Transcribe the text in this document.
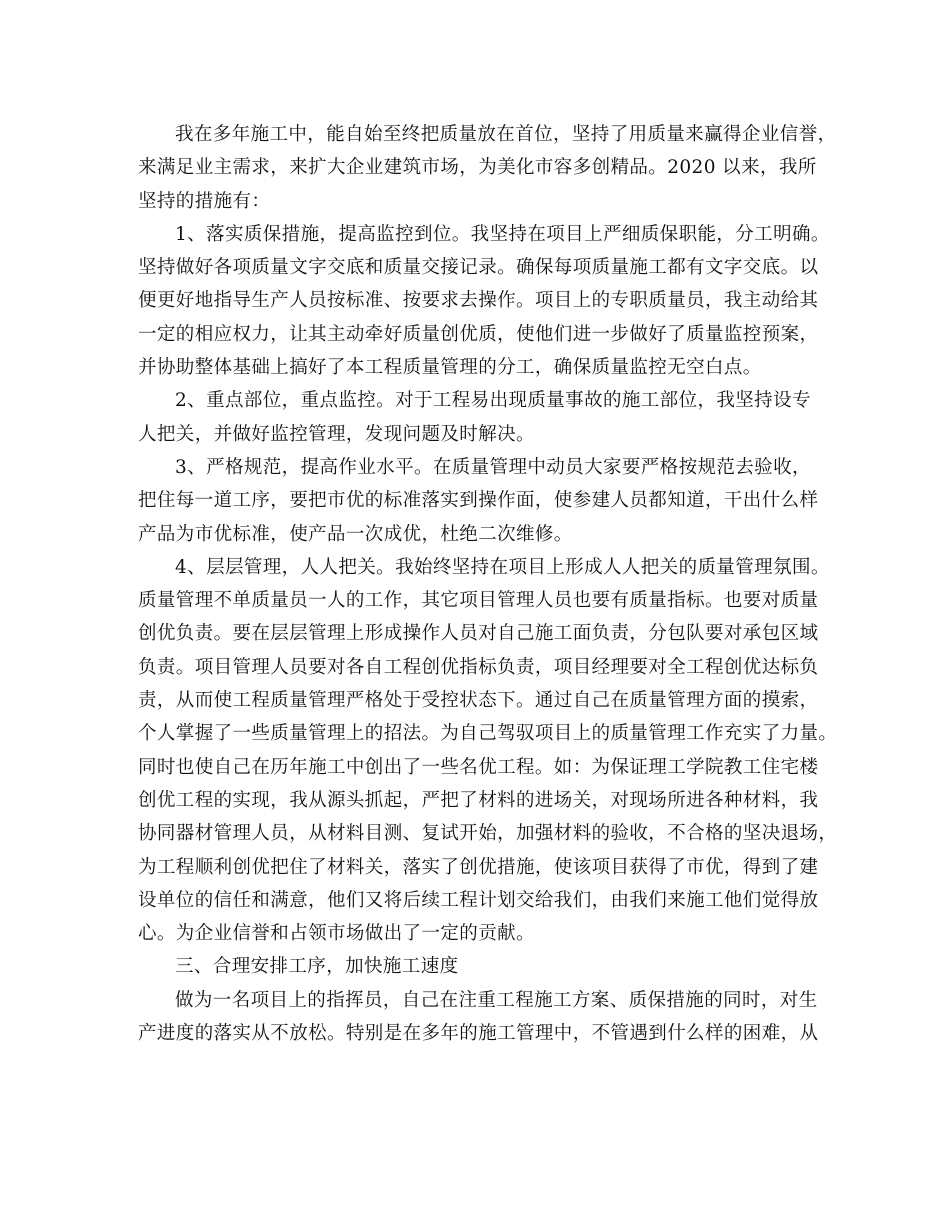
我在多年施工中，能自始至终把质量放在首位，坚持了用质量来赢得企业信誉，
来满足业主需求，来扩大企业建筑市场，为美化市容多创精品。2020 以来，我所
坚持的措施有：
1、落实质保措施，提高监控到位。我坚持在项目上严细质保职能，分工明确。
坚持做好各项质量文字交底和质量交接记录。确保每项质量施工都有文字交底。以
便更好地指导生产人员按标准、按要求去操作。项目上的专职质量员，我主动给其
一定的相应权力，让其主动牵好质量创优质，使他们进一步做好了质量监控预案，
并协助整体基础上搞好了本工程质量管理的分工，确保质量监控无空白点。
2、重点部位，重点监控。对于工程易出现质量事故的施工部位，我坚持设专
人把关，并做好监控管理，发现问题及时解决。
3、严格规范，提高作业水平。在质量管理中动员大家要严格按规范去验收，
把住每一道工序，要把市优的标准落实到操作面，使参建人员都知道，干出什么样
产品为市优标准，使产品一次成优，杜绝二次维修。
4、层层管理，人人把关。我始终坚持在项目上形成人人把关的质量管理氛围。
质量管理不单质量员一人的工作，其它项目管理人员也要有质量指标。也要对质量
创优负责。要在层层管理上形成操作人员对自己施工面负责，分包队要对承包区域
负责。项目管理人员要对各自工程创优指标负责，项目经理要对全工程创优达标负
责，从而使工程质量管理严格处于受控状态下。通过自己在质量管理方面的摸索，
个人掌握了一些质量管理上的招法。为自己驾驭项目上的质量管理工作充实了力量。
同时也使自己在历年施工中创出了一些名优工程。如：为保证理工学院教工住宅楼
创优工程的实现，我从源头抓起，严把了材料的进场关，对现场所进各种材料，我
协同器材管理人员，从材料目测、复试开始，加强材料的验收，不合格的坚决退场，
为工程顺利创优把住了材料关，落实了创优措施，使该项目获得了市优，得到了建
设单位的信任和满意，他们又将后续工程计划交给我们，由我们来施工他们觉得放
心。为企业信誉和占领市场做出了一定的贡献。
三、合理安排工序，加快施工速度
做为一名项目上的指挥员，自己在注重工程施工方案、质保措施的同时，对生
产进度的落实从不放松。特别是在多年的施工管理中，不管遇到什么样的困难，从
